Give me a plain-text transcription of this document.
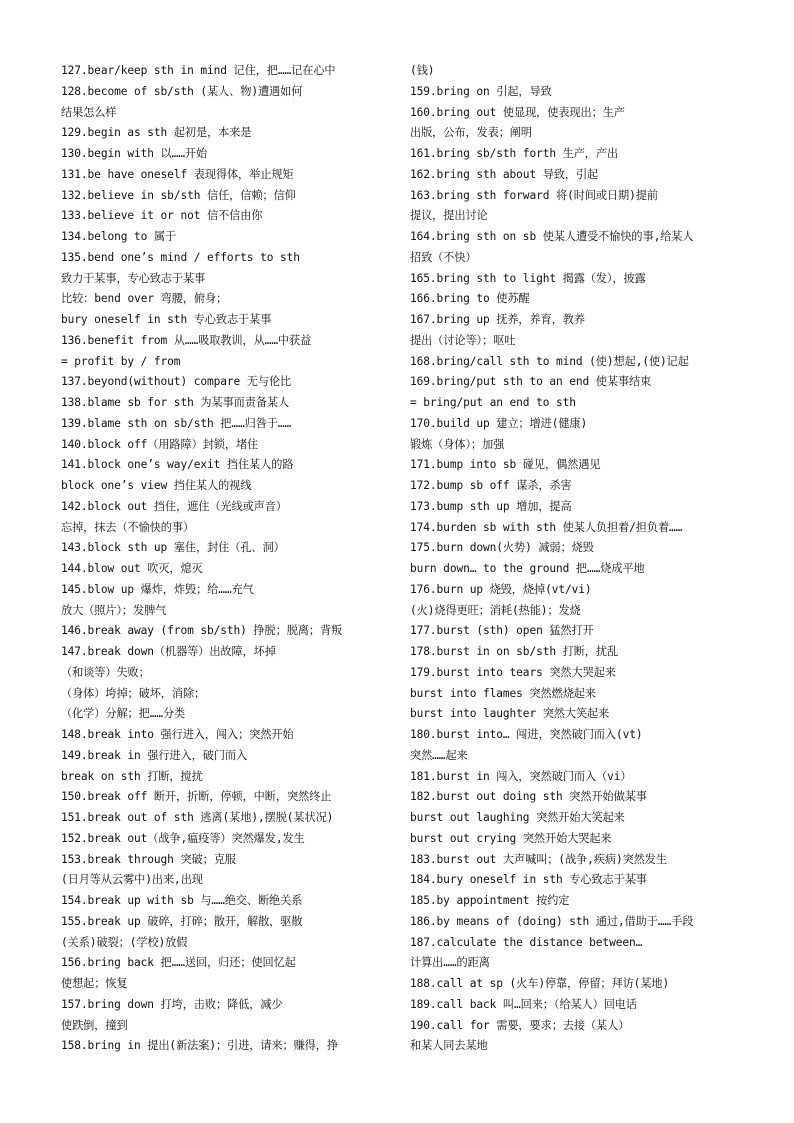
127.bear/keep sth in mind 记住，把……记在心中
128.become of sb/sth (某人、物)遭遇如何
结果怎么样
129.begin as sth 起初是，本来是
130.begin with 以……开始
131.be have oneself 表现得体，举止规矩
132.believe in sb/sth 信任，信赖；信仰
133.believe it or not 信不信由你
134.belong to 属于
135.bend one’s mind / efforts to sth
致力于某事，专心致志于某事
比较：bend over 弯腰，俯身；
bury oneself in sth 专心致志于某事
136.benefit from 从……吸取教训，从……中获益
= profit by / from
137.beyond(without) compare 无与伦比
138.blame sb for sth 为某事而责备某人
139.blame sth on sb/sth 把……归咎于……
140.block off（用路障）封锁，堵住
141.block one’s way/exit 挡住某人的路
block one’s view 挡住某人的视线
142.block out 挡住，遮住（光线或声音）
忘掉，抹去（不愉快的事）
143.block sth up 塞住，封住（孔、洞）
144.blow out 吹灭，熄灭
145.blow up 爆炸，炸毁；给……充气
放大（照片）；发脾气
146.break away (from sb/sth) 挣脱；脱离；背叛
147.break down（机器等）出故障，坏掉
（和谈等）失败；
（身体）垮掉；破坏，消除；
（化学）分解；把……分类
148.break into 强行进入，闯入；突然开始
149.break in 强行进入，破门而入
break on sth 打断，搅扰
150.break off 断开，折断，停顿，中断，突然终止
151.break out of sth 逃离(某地),摆脱(某状况)
152.break out（战争,瘟疫等）突然爆发,发生
153.break through 突破；克服
(日月等从云雾中)出来,出现
154.break up with sb 与……绝交、断绝关系
155.break up 破碎，打碎；散开，解散，驱散
(关系)破裂；(学校)放假
156.bring back 把……送回，归还；使回忆起
使想起；恢复
157.bring down 打垮，击败；降低，减少
使跌倒，撞到
158.bring in 提出(新法案)；引进，请来；赚得，挣
(钱)
159.bring on 引起，导致
160.bring out 使显现，使表现出；生产
出版，公布，发表；阐明
161.bring sb/sth forth 生产，产出
162.bring sth about 导致，引起
163.bring sth forward 将(时间或日期)提前
提议，提出讨论
164.bring sth on sb 使某人遭受不愉快的事,给某人
招致（不快）
165.bring sth to light 揭露（发），披露
166.bring to 使苏醒
167.bring up 抚养，养育，教养
提出（讨论等）；呕吐
168.bring/call sth to mind (使)想起,(使)记起
169.bring/put sth to an end 使某事结束
= bring/put an end to sth
170.build up 建立；增进(健康)
锻炼（身体）；加强
171.bump into sb 碰见，偶然遇见
172.bump sb off 谋杀，杀害
173.bump sth up 增加，提高
174.burden sb with sth 使某人负担着/担负着……
175.burn down(火势) 减弱；烧毁
burn down… to the ground 把……烧成平地
176.burn up 烧毁，烧掉(vt/vi)
(火)烧得更旺；消耗(热能)；发烧
177.burst (sth) open 猛然打开
178.burst in on sb/sth 打断，扰乱
179.burst into tears 突然大哭起来
burst into flames 突然燃烧起来
burst into laughter 突然大笑起来
180.burst into… 闯进，突然破门而入(vt)
突然……起来
181.burst in 闯入，突然破门而入（vi）
182.burst out doing sth 突然开始做某事
burst out laughing 突然开始大笑起来
burst out crying 突然开始大哭起来
183.burst out 大声喊叫；(战争,疾病)突然发生
184.bury oneself in sth 专心致志于某事
185.by appointment 按约定
186.by means of (doing) sth 通过,借助于……手段
187.calculate the distance between…
计算出……的距离
188.call at sp (火车)停靠，停留；拜访(某地)
189.call back 叫…回来；（给某人）回电话
190.call for 需要，要求；去接（某人）
和某人同去某地
